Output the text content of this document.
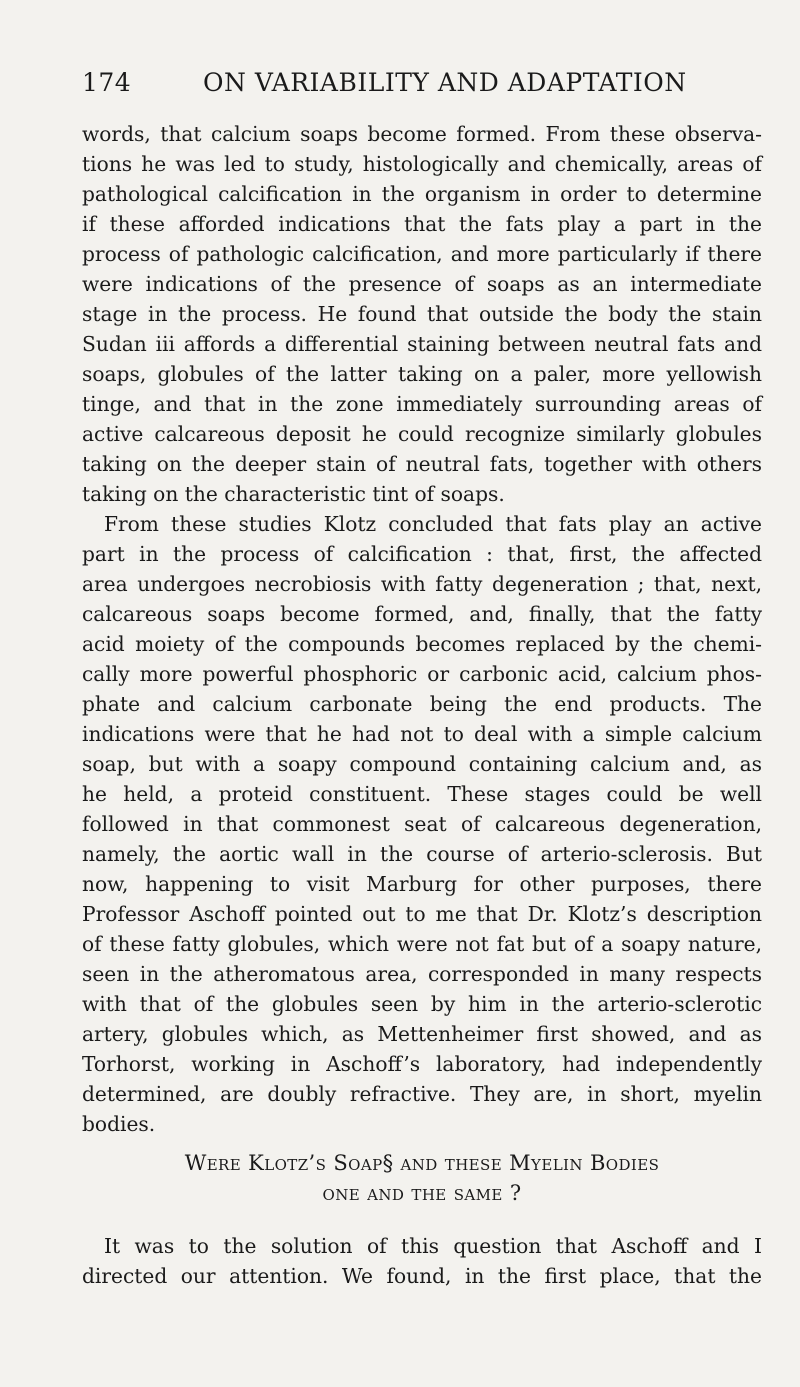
174	ON VARIABILITY AND ADAPTATION
words, that calcium soaps become formed. From these observa-
tions he was led to study, histologically and chemically, areas of
pathological calcification in the organism in order to determine
if these afforded indications that the fats play a part in the
process of pathologic calcification, and more particularly if there
were indications of the presence of soaps as an intermediate
stage in the process. He found that outside the body the stain
Sudan iii affords a differential staining between neutral fats and
soaps, globules of the latter taking on a paler, more yellowish
tinge, and that in the zone immediately surrounding areas of
active calcareous deposit he could recognize similarly globules
taking on the deeper stain of neutral fats, together with others
taking on the characteristic tint of soaps.
From these studies Klotz concluded that fats play an active
part in the process of calcification : that, first, the affected
area undergoes necrobiosis with fatty degeneration ; that, next,
calcareous soaps become formed, and, finally, that the fatty
acid moiety of the compounds becomes replaced by the chemi-
cally more powerful phosphoric or carbonic acid, calcium phos-
phate and calcium carbonate being the end products. The
indications were that he had not to deal with a simple calcium
soap, but with a soapy compound containing calcium and, as
he held, a proteid constituent. These stages could be well
followed in that commonest seat of calcareous degeneration,
namely, the aortic wall in the course of arterio-sclerosis. But
now, happening to visit Marburg for other purposes, there
Professor Aschoff pointed out to me that Dr. Klotz’s description
of these fatty globules, which were not fat but of a soapy nature,
seen in the atheromatous area, corresponded in many respects
with that of the globules seen by him in the arterio-sclerotic
artery, globules which, as Mettenheimer first showed, and as
Torhorst, working in Aschoff’s laboratory, had independently
determined, are doubly refractive. They are, in short, myelin
bodies.
Were Klotz’s Soap§ and these Myelin Bodies
one and the same ?
It was to the solution of this question that Aschoff and I
directed our attention. We found, in the first place, that the
